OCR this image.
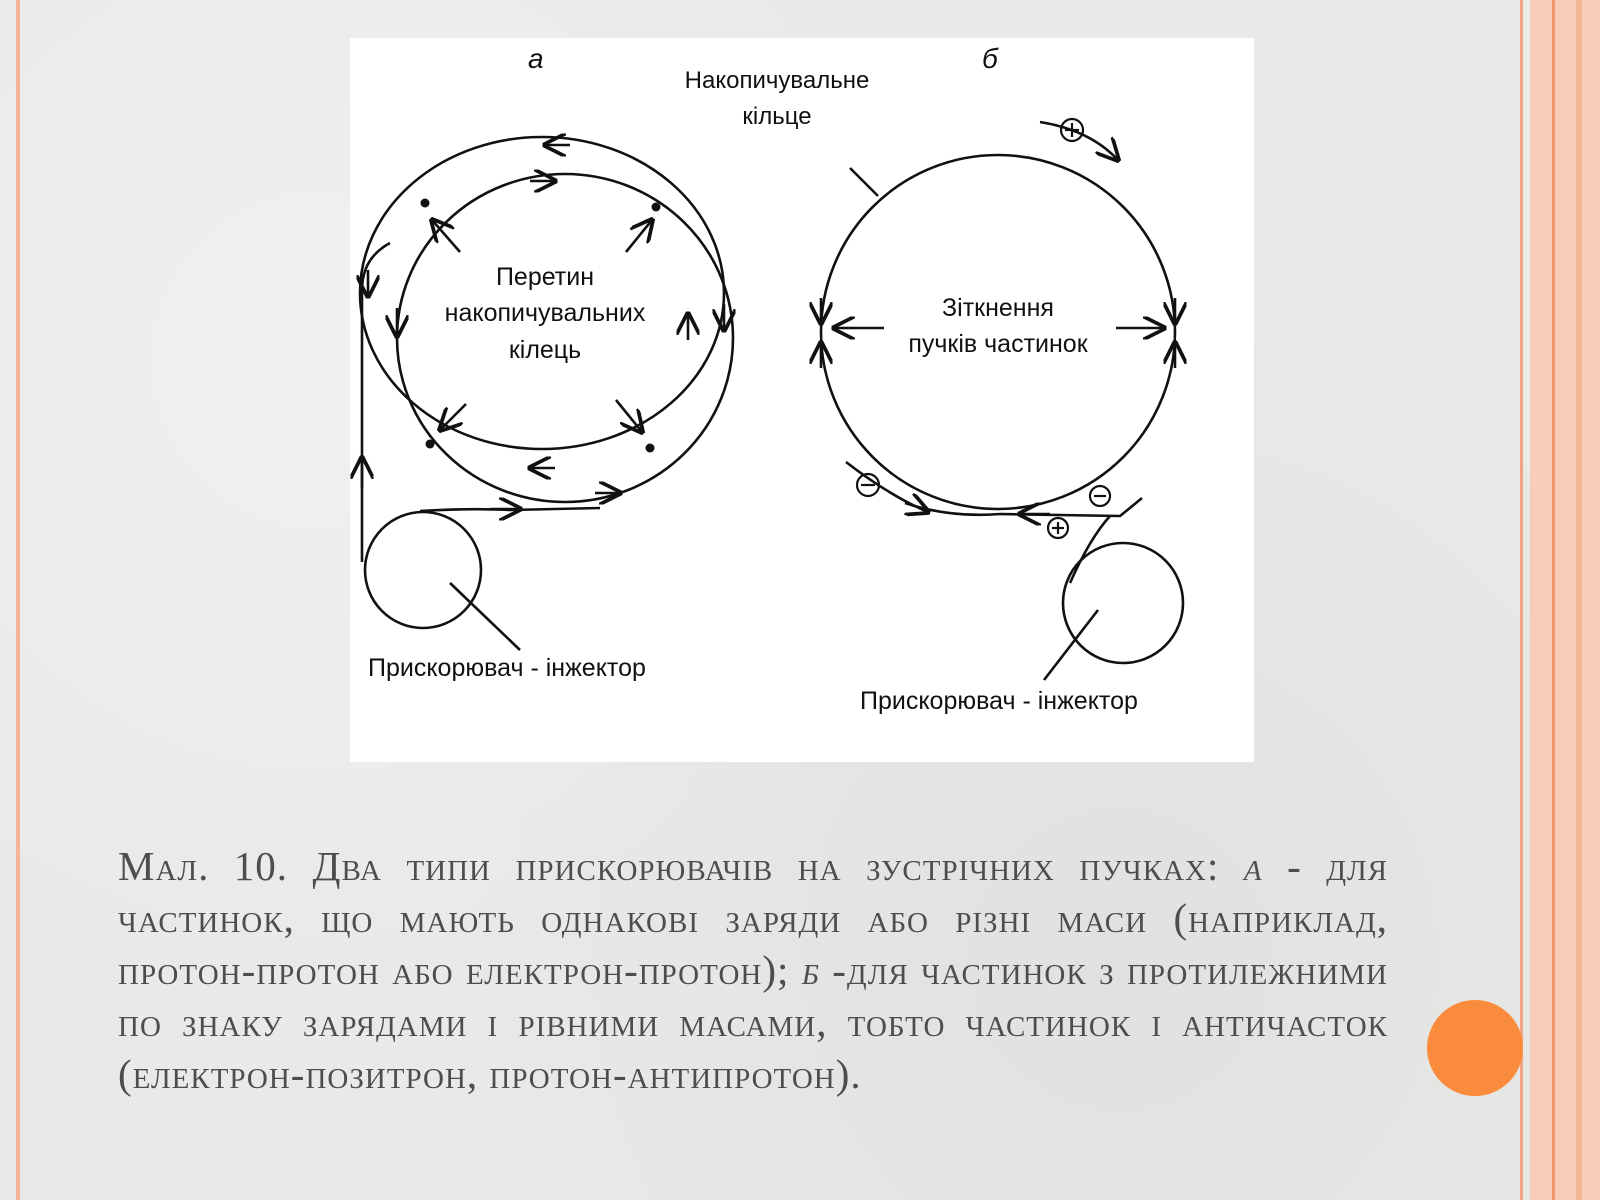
а	б
Накопичувальне
кільце
Перетин
накопичувальних
кілець
Зіткнення
пучків частинок
Прискорювач - інжектор
Прискорювач - інжектор
Мал. 10. Два типи прискорювачів на зустрічних пучках: а - для частинок, що мають однакові заряди або різні маси (наприклад, протон-протон або електрон-протон); б -для частинок з протилежними по знаку зарядами і рівними масами, тобто частинок і античасток (електрон-позитрон, протон-антипротон).
